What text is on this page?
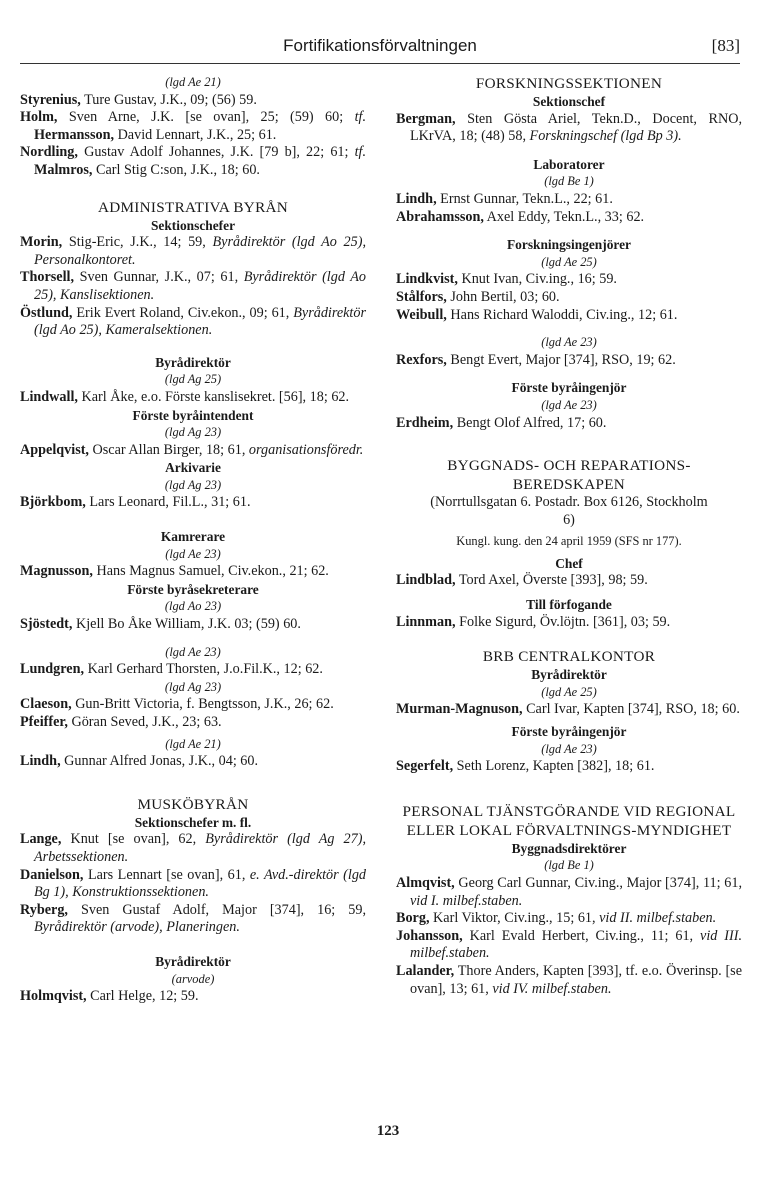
Fortifikationsförvaltningen	[83]
(lgd Ae 21)
Styrenius, Ture Gustav, J.K., 09; (56) 59.
Holm, Sven Arne, J.K. [se ovan], 25; (59) 60; tf. Hermansson, David Lennart, J.K., 25; 61.
Nordling, Gustav Adolf Johannes, J.K. [79 b], 22; 61; tf. Malmros, Carl Stig C:son, J.K., 18; 60.
ADMINISTRATIVA BYRÅN
Sektionschefer
Morin, Stig-Eric, J.K., 14; 59, Byrådirektör (lgd Ao 25), Personalkontoret.
Thorsell, Sven Gunnar, J.K., 07; 61, Byrådirektör (lgd Ao 25), Kanslisektionen.
Östlund, Erik Evert Roland, Civ.ekon., 09; 61, Byrådirektör (lgd Ao 25), Kameralsektionen.
Byrådirektör
(lgd Ag 25)
Lindwall, Karl Åke, e.o. Förste kanslisekret. [56], 18; 62.
Förste byråintendent
(lgd Ag 23)
Appelqvist, Oscar Allan Birger, 18; 61, organisationsföredr.
Arkivarie
(lgd Ag 23)
Björkbom, Lars Leonard, Fil.L., 31; 61.
Kamrerare
(lgd Ae 23)
Magnusson, Hans Magnus Samuel, Civ.ekon., 21; 62.
Förste byråsekreterare
(lgd Ao 23)
Sjöstedt, Kjell Bo Åke William, J.K. 03; (59) 60.
(lgd Ae 23)
Lundgren, Karl Gerhard Thorsten, J.o.Fil.K., 12; 62.
(lgd Ag 23)
Claeson, Gun-Britt Victoria, f. Bengtsson, J.K., 26; 62.
Pfeiffer, Göran Seved, J.K., 23; 63.
(lgd Ae 21)
Lindh, Gunnar Alfred Jonas, J.K., 04; 60.
MUSKÖBYRÅN
Sektionschefer m. fl.
Lange, Knut [se ovan], 62, Byrådirektör (lgd Ag 27), Arbetssektionen.
Danielson, Lars Lennart [se ovan], 61, e. Avd.-direktör (lgd Bg 1), Konstruktionssektionen.
Ryberg, Sven Gustaf Adolf, Major [374], 16; 59, Byrådirektör (arvode), Planeringen.
Byrådirektör
(arvode)
Holmqvist, Carl Helge, 12; 59.
FORSKNINGSSEKTIONEN
Sektionschef
Bergman, Sten Gösta Ariel, Tekn.D., Docent, RNO, LKrVA, 18; (48) 58, Forskningschef (lgd Bp 3).
Laboratorer
(lgd Be 1)
Lindh, Ernst Gunnar, Tekn.L., 22; 61.
Abrahamsson, Axel Eddy, Tekn.L., 33; 62.
Forskningsingenjörer
(lgd Ae 25)
Lindkvist, Knut Ivan, Civ.ing., 16; 59.
Stålfors, John Bertil, 03; 60.
Weibull, Hans Richard Waloddi, Civ.ing., 12; 61.
(lgd Ae 23)
Rexfors, Bengt Evert, Major [374], RSO, 19; 62.
Förste byråingenjör
(lgd Ae 23)
Erdheim, Bengt Olof Alfred, 17; 60.
BYGGNADS- OCH REPARATIONS-BEREDSKAPEN
(Norrtullsgatan 6. Postadr. Box 6126, Stockholm 6)
Kungl. kung. den 24 april 1959 (SFS nr 177).
Chef
Lindblad, Tord Axel, Överste [393], 98; 59.
Till förfogande
Linnman, Folke Sigurd, Öv.löjtn. [361], 03; 59.
BRB CENTRALKONTOR
Byrådirektör
(lgd Ae 25)
Murman-Magnuson, Carl Ivar, Kapten [374], RSO, 18; 60.
Förste byråingenjör
(lgd Ae 23)
Segerfelt, Seth Lorenz, Kapten [382], 18; 61.
PERSONAL TJÄNSTGÖRANDE VID REGIONAL ELLER LOKAL FÖRVALTNINGS-MYNDIGHET
Byggnadsdirektörer
(lgd Be 1)
Almqvist, Georg Carl Gunnar, Civ.ing., Major [374], 11; 61, vid I. milbef.staben.
Borg, Karl Viktor, Civ.ing., 15; 61, vid II. milbef.staben.
Johansson, Karl Evald Herbert, Civ.ing., 11; 61, vid III. milbef.staben.
Lalander, Thore Anders, Kapten [393], tf. e.o. Överinsp. [se ovan], 13; 61, vid IV. milbef.staben.
123
